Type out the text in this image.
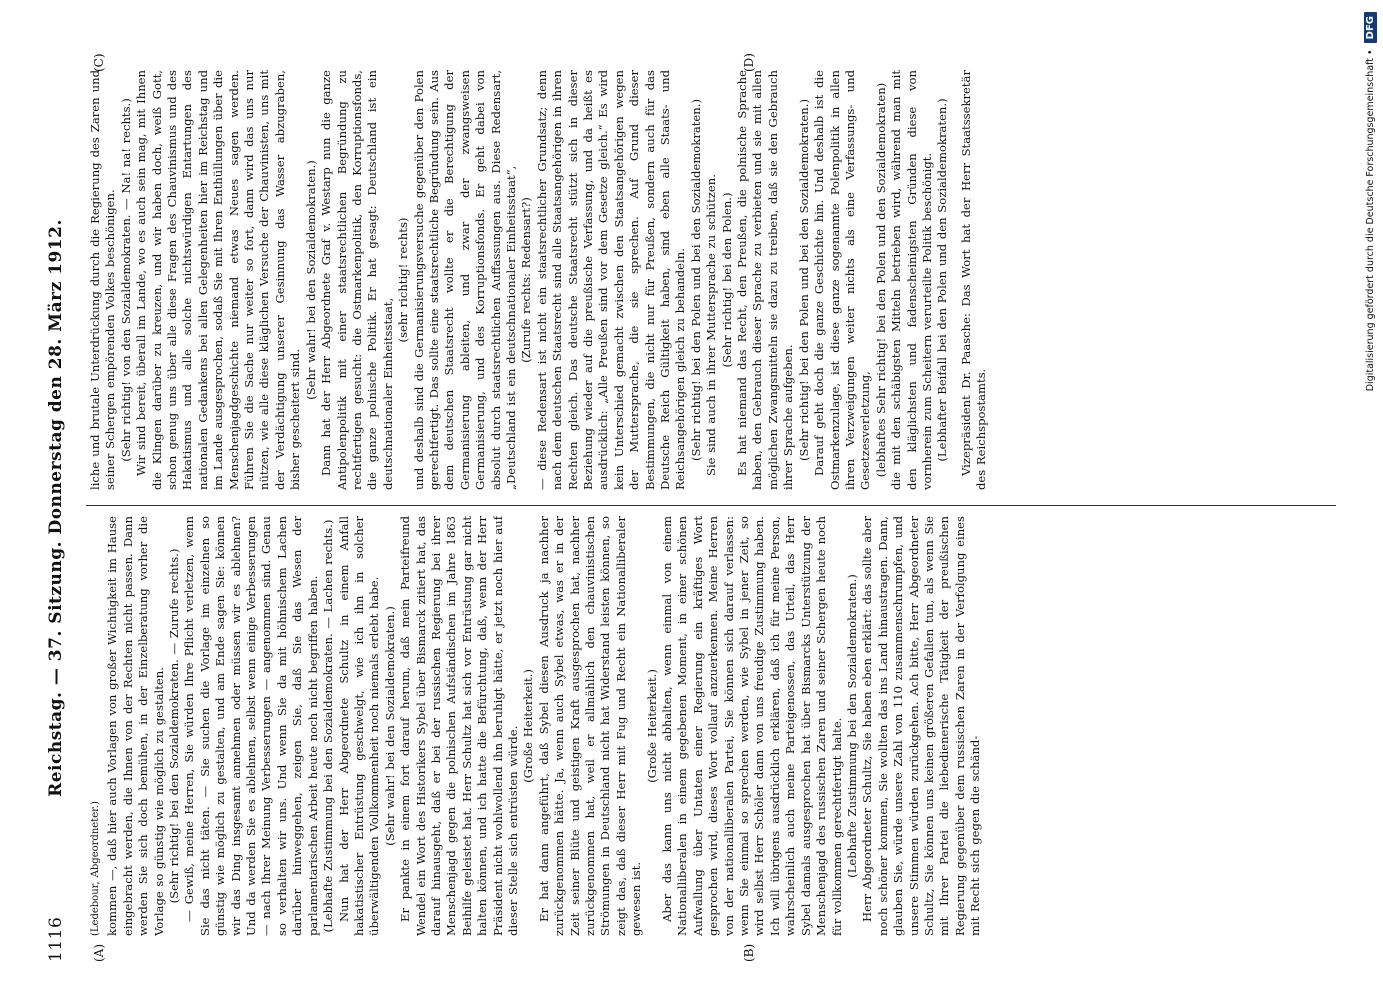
1116
Reichstag. — 37. Sitzung. Donnerstag den 28. März 1912.
(A)	(B)
(C)	(D)

(Ledebour, Abgeordneter.) kommen —, daß hier auch Vorlagen von großer Wichtigkeit im Hause eingebracht werden, die Ihnen von der Rechten nicht passen. Dann werden Sie sich doch bemühen, in der Einzelberatung vorher die Vorlage so günstig wie möglich zu gestalten. (Sehr richtig! bei den Sozialdemokraten. — Zurufe rechts.) — Gewiß, meine Herren, Sie würden Ihre Pflicht verletzen, wenn Sie das nicht täten. — Sie suchen die Vorlage im einzelnen so günstig wie möglich zu gestalten, und am Ende sagen Sie: können wir das Ding insgesamt annehmen oder müssen wir es ablehnen? Und da werden Sie es ablehnen, selbst wenn einige Verbesserungen — nach Ihrer Meinung Verbesserungen — angenommen sind. Genau so verhalten wir uns. Und wenn Sie da mit höhnischem Lachen darüber hinweggehen, zeigen Sie, daß Sie das Wesen der parlamentarischen Arbeit heute noch nicht begriffen haben. (Lebhafte Zustimmung bei den Sozialdemokraten. — Lachen rechts.) Nun hat der Herr Abgeordnete Schultz in einem Anfall hakatistischer Entrüstung geschwelgt, wie ich ihn in solcher überwältigenden Vollkommenheit noch niemals erlebt habe. (Sehr wahr! bei den Sozialdemokraten.) Er pankte in einem fort darauf herum, daß mein Parteifreund Wendel ein Wort des Historikers Sybel über Bismarck zitiert hat, das darauf hinausgeht, daß er bei der russischen Regierung bei ihrer Menschenjagd gegen die polnischen Aufständischen im Jahre 1863 Beihilfe geleistet hat. Herr Schultz hat sich vor Entrüstung gar nicht halten können, und ich hatte die Befürchtung, daß, wenn der Herr Präsident nicht wohlwollend ihn beruhigt hätte, er jetzt noch hier auf dieser Stelle sich entrüsten würde. (Große Heiterkeit.) Er hat dann angeführt, daß Sybel diesen Ausdruck ja nachher zurückgenommen hätte. Ja, wenn auch Sybel etwas, was er in der Zeit seiner Blüte und geistigen Kraft ausgesprochen hat, nachher zurückgenommen hat, weil er allmählich den chauvinistischen Strömungen in Deutschland nicht hat Widerstand leisten können, so zeigt das, daß dieser Herr mit Fug und Recht ein Nationalliberaler gewesen ist.

(Große Heiterkeit.) Aber das kann uns nicht abhalten, wenn einmal von einem Nationalliberalen in einem gegebenen Moment, in einer schönen Aufwallung über Untaten einer Regierung ein kräftiges Wort gesprochen wird, dieses Wort vollauf anzuerkennen. Meine Herren von der nationalliberalen Partei, Sie können sich darauf verlassen: wenn Sie einmal so sprechen werden, wie Sybel in jener Zeit, so wird selbst Herr Schöler dann von uns freudige Zustimmung haben. Ich will übrigens ausdrücklich erklären, daß ich für meine Person, wahrscheinlich auch meine Parteigenossen, das Urteil, das Herr Sybel damals ausgesprochen hat über Bismarcks Unterstützung der Menschenjagd des russischen Zaren und seiner Schergen heute noch für vollkommen gerechtfertigt halte. (Lebhafte Zustimmung bei den Sozialdemokraten.) Herr Abgeordneter Schultz, Sie haben eben erklärt: das sollte aber noch schöner kommen, Sie wollten das ins Land hinaustragen. Dann, glauben Sie, würde unsere Zahl von 110 zusammenschrumpfen, und unsere Stimmen würden zurückgehen. Ach bitte, Herr Abgeordneter Schultz, Sie können uns keinen größeren Gefallen tun, als wenn Sie mit Ihrer Partei die liebedienerische Tätigkeit der preußischen Regierung gegenüber dem russischen Zaren in der Verfolgung eines mit Recht sich gegen die schänd-

liche und brutale Unterdrückung durch die Regierung des Zaren und seiner Schergen empörenden Volkes beschönigen. (Sehr richtig! von den Sozialdemokraten. — Na! na! rechts.) Wir sind bereit, überall im Lande, wo es auch sein mag, mit Ihnen die Klingen darüber zu kreuzen, und wir haben doch, weiß Gott, schon genug uns über alle diese Fragen des Chauvinismus und des Hakatismus und alle solche nichtswürdigen Entartungen des nationalen Gedankens bei allen Gelegenheiten hier im Reichstag und im Lande ausgesprochen, sodaß Sie mit Ihren Enthüllungen über die Menschenjagdgeschichte niemand etwas Neues sagen werden. Führen Sie die Sache nur weiter so fort, dann wird das uns nur nützen, wie alle diese kläglichen Versuche der Chauvinisten, uns mit der Verdächtigung unserer Gesinnung das Wasser abzugraben, bisher gescheitert sind.

(Sehr wahr! bei den Sozialdemokraten.) Dann hat der Herr Abgeordnete Graf v. Westarp nun die ganze Antipolenpolitik mit einer staatsrechtlichen Begründung zu rechtfertigen gesucht: die Ostmarkenpolitik, den Korruptionsfonds, die ganze polnische Politik. Er hat gesagt: Deutschland ist ein deutschnationaler Einheitsstaat,

(sehr richtig! rechts) und deshalb sind die Germanisierungsversuche gegenüber den Polen gerechtfertigt. Das sollte eine staatsrechtliche Begründung sein. Aus dem deutschen Staatsrecht wollte er die Berechtigung der Germanisierung ableiten, und zwar der zwangsweisen Germanisierung, und des Korruptionsfonds. Er geht dabei von absolut durch staatsrechtlichen Auffassungen aus. Diese Redensart, „Deutschland ist ein deutschnationaler Einheitsstaat“, (Zurufe rechts: Redensart?) — diese Redensart ist nicht ein staatsrechtlicher Grundsatz; denn nach dem deutschen Staatsrecht sind alle Staatsangehörigen in ihren Rechten gleich. Das deutsche Staatsrecht stützt sich in dieser Beziehung wieder auf die preußische Verfassung, und da heißt es ausdrücklich: „Alle Preußen sind vor dem Gesetze gleich.“ Es wird kein Unterschied gemacht zwischen den Staatsangehörigen wegen der Muttersprache, die sie sprechen. Auf Grund dieser Bestimmungen, die nicht nur für Preußen, sondern auch für das Deutsche Reich Gültigkeit haben, sind eben alle Staats- und Reichsangehörigen gleich zu behandeln. (Sehr richtig! bei den Polen und bei den Sozialdemokraten.) Sie sind auch in ihrer Muttersprache zu schützen. (Sehr richtig! bei den Polen.) Es hat niemand das Recht, den Preußen, die polnische Sprache haben, den Gebrauch dieser Sprache zu verbieten und sie mit allen möglichen Zwangsmitteln sie dazu zu treiben, daß sie den Gebrauch ihrer Sprache aufgeben. (Sehr richtig! bei den Polen und bei den Sozialdemokraten.) Darauf geht doch die ganze Geschichte hin. Und deshalb ist die Ostmarkenzulage, ist diese ganze sogenannte Polenpolitik in allen ihren Verzweigungen weiter nichts als eine Verfassungs- und Gesetzesverletzung, (lebhaftes Sehr richtig! bei den Polen und den Sozialdemokraten) die mit den schäbigsten Mitteln betrieben wird, während man mit den kläglichsten und fadenscheinigsten Gründen diese von vornherein zum Scheitern verurteilte Politik beschönigt. (Lebhafter Beifall bei den Polen und den Sozialdemokraten.) Vizepräsident Dr. Paasche: Das Wort hat der Herr Staatssekretär des Reichspostamts.

Digitalisierung gefördert durch die Deutsche Forschungsgemeinschaft •
DFG
